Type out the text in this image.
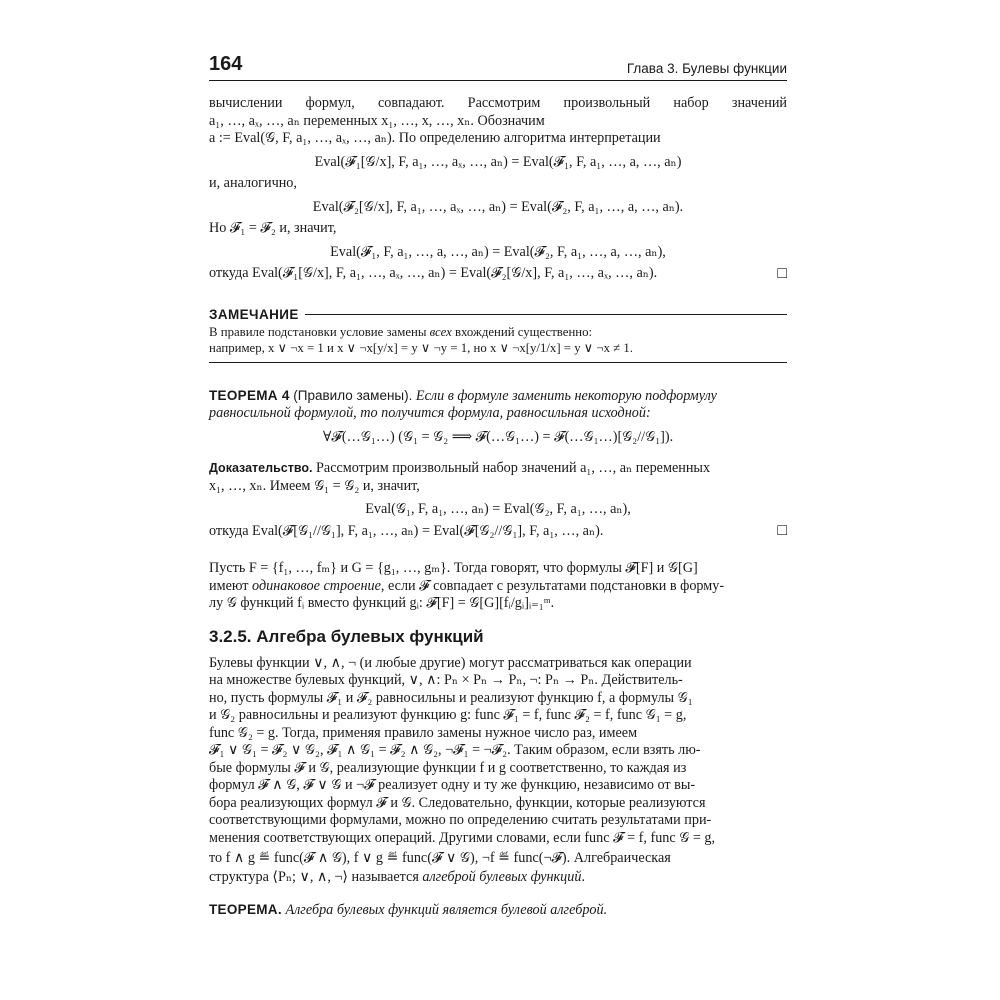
164	Глава 3. Булевы функции
вычислении формул, совпадают. Рассмотрим произвольный набор значений
a₁, …, aₓ, …, aₙ переменных x₁, …, x, …, xₙ. Обозначим
a := Eval(𝒢, F, a₁, …, aₓ, …, aₙ). По определению алгоритма интерпретации
Eval(𝓕₁[𝒢/x], F, a₁, …, aₓ, …, aₙ) = Eval(𝓕₁, F, a₁, …, a, …, aₙ)
и, аналогично,
Eval(𝓕₂[𝒢/x], F, a₁, …, aₓ, …, aₙ) = Eval(𝓕₂, F, a₁, …, a, …, aₙ).
Но 𝓕₁ = 𝓕₂ и, значит,
Eval(𝓕₁, F, a₁, …, a, …, aₙ) = Eval(𝓕₂, F, a₁, …, a, …, aₙ),
откуда Eval(𝓕₁[𝒢/x], F, a₁, …, aₓ, …, aₙ) = Eval(𝓕₂[𝒢/x], F, a₁, …, aₓ, …, aₙ).	□
ЗАМЕЧАНИЕ
В правиле подстановки условие замены всех вхождений существенно:
например, x ∨ ¬x = 1 и x ∨ ¬x[y/x] = y ∨ ¬y = 1, но x ∨ ¬x[y/1/x] = y ∨ ¬x ≠ 1.
ТЕОРЕМА 4 (Правило замены). Если в формуле заменить некоторую подформулу
равносильной формулой, то получится формула, равносильная исходной:
∀𝓕(…𝒢₁…) (𝒢₁ = 𝒢₂ ⟹ 𝓕(…𝒢₁…) = 𝓕(…𝒢₁…)[𝒢₂//𝒢₁]).
Доказательство. Рассмотрим произвольный набор значений a₁, …, aₙ переменных
x₁, …, xₙ. Имеем 𝒢₁ = 𝒢₂ и, значит,
Eval(𝒢₁, F, a₁, …, aₙ) = Eval(𝒢₂, F, a₁, …, aₙ),
откуда Eval(𝓕[𝒢₁//𝒢₁], F, a₁, …, aₙ) = Eval(𝓕[𝒢₂//𝒢₁], F, a₁, …, aₙ).	□
Пусть F = {f₁, …, fₘ} и G = {g₁, …, gₘ}. Тогда говорят, что формулы 𝓕[F] и 𝒢[G]
имеют одинаковое строение, если 𝓕 совпадает с результатами подстановки в форму-
лу 𝒢 функций fᵢ вместо функций gᵢ: 𝓕[F] = 𝒢[G][fᵢ/gᵢ]ᵢ₌₁ᵐ.
3.2.5. Алгебра булевых функций
Булевы функции ∨, ∧, ¬ (и любые другие) могут рассматриваться как операции
на множестве булевых функций, ∨, ∧: Pₙ × Pₙ → Pₙ, ¬: Pₙ → Pₙ. Действитель-
но, пусть формулы 𝓕₁ и 𝓕₂ равносильны и реализуют функцию f, а формулы 𝒢₁
и 𝒢₂ равносильны и реализуют функцию g: func 𝓕₁ = f, func 𝓕₂ = f, func 𝒢₁ = g,
func 𝒢₂ = g. Тогда, применяя правило замены нужное число раз, имеем
𝓕₁ ∨ 𝒢₁ = 𝓕₂ ∨ 𝒢₂, 𝓕₁ ∧ 𝒢₁ = 𝓕₂ ∧ 𝒢₂, ¬𝓕₁ = ¬𝓕₂. Таким образом, если взять лю-
бые формулы 𝓕 и 𝒢, реализующие функции f и g соответственно, то каждая из
формул 𝓕 ∧ 𝒢, 𝓕 ∨ 𝒢 и ¬𝓕 реализует одну и ту же функцию, независимо от вы-
бора реализующих формул 𝓕 и 𝒢. Следовательно, функции, которые реализуются
соответствующими формулами, можно по определению считать результатами при-
менения соответствующих операций. Другими словами, если func 𝓕 = f, func 𝒢 = g,
то f ∧ g ≝ func(𝓕 ∧ 𝒢), f ∨ g ≝ func(𝓕 ∨ 𝒢), ¬f ≝ func(¬𝓕). Алгебраическая
структура ⟨Pₙ; ∨, ∧, ¬⟩ называется алгеброй булевых функций.
ТЕОРЕМА. Алгебра булевых функций является булевой алгеброй.
